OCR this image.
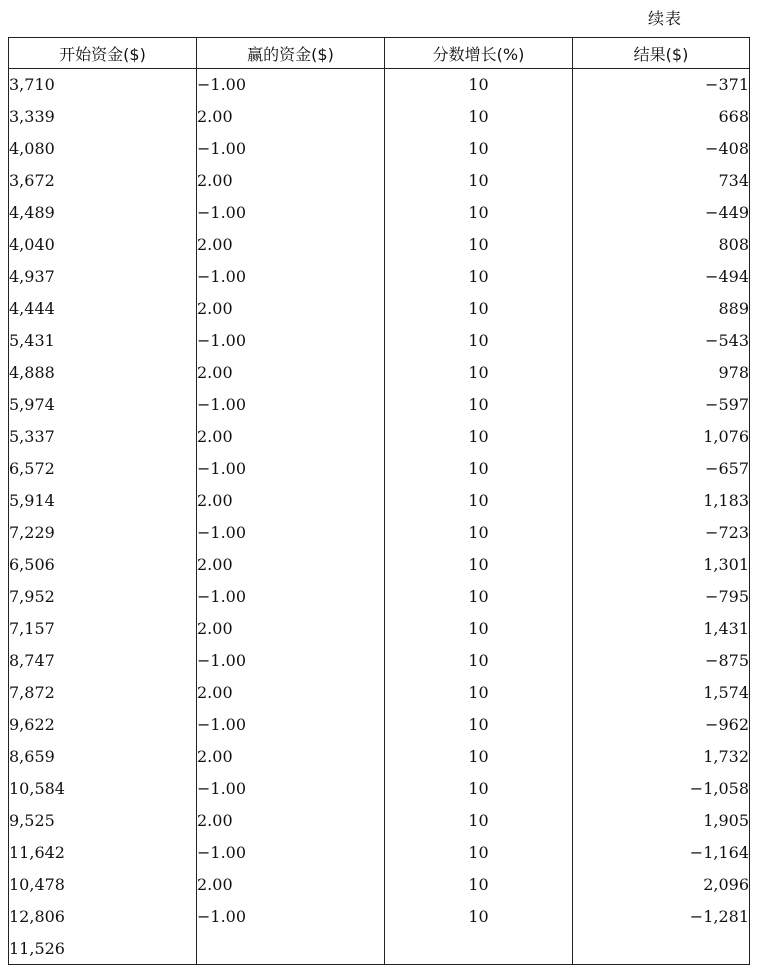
续表
开始资金($)	赢的资金($)	分数增长(%)	结果($)
3,710	−1.00	10	−371
3,339	2.00	10	668
4,080	−1.00	10	−408
3,672	2.00	10	734
4,489	−1.00	10	−449
4,040	2.00	10	808
4,937	−1.00	10	−494
4,444	2.00	10	889
5,431	−1.00	10	−543
4,888	2.00	10	978
5,974	−1.00	10	−597
5,337	2.00	10	1,076
6,572	−1.00	10	−657
5,914	2.00	10	1,183
7,229	−1.00	10	−723
6,506	2.00	10	1,301
7,952	−1.00	10	−795
7,157	2.00	10	1,431
8,747	−1.00	10	−875
7,872	2.00	10	1,574
9,622	−1.00	10	−962
8,659	2.00	10	1,732
10,584	−1.00	10	−1,058
9,525	2.00	10	1,905
11,642	−1.00	10	−1,164
10,478	2.00	10	2,096
12,806	−1.00	10	−1,281
11,526			
